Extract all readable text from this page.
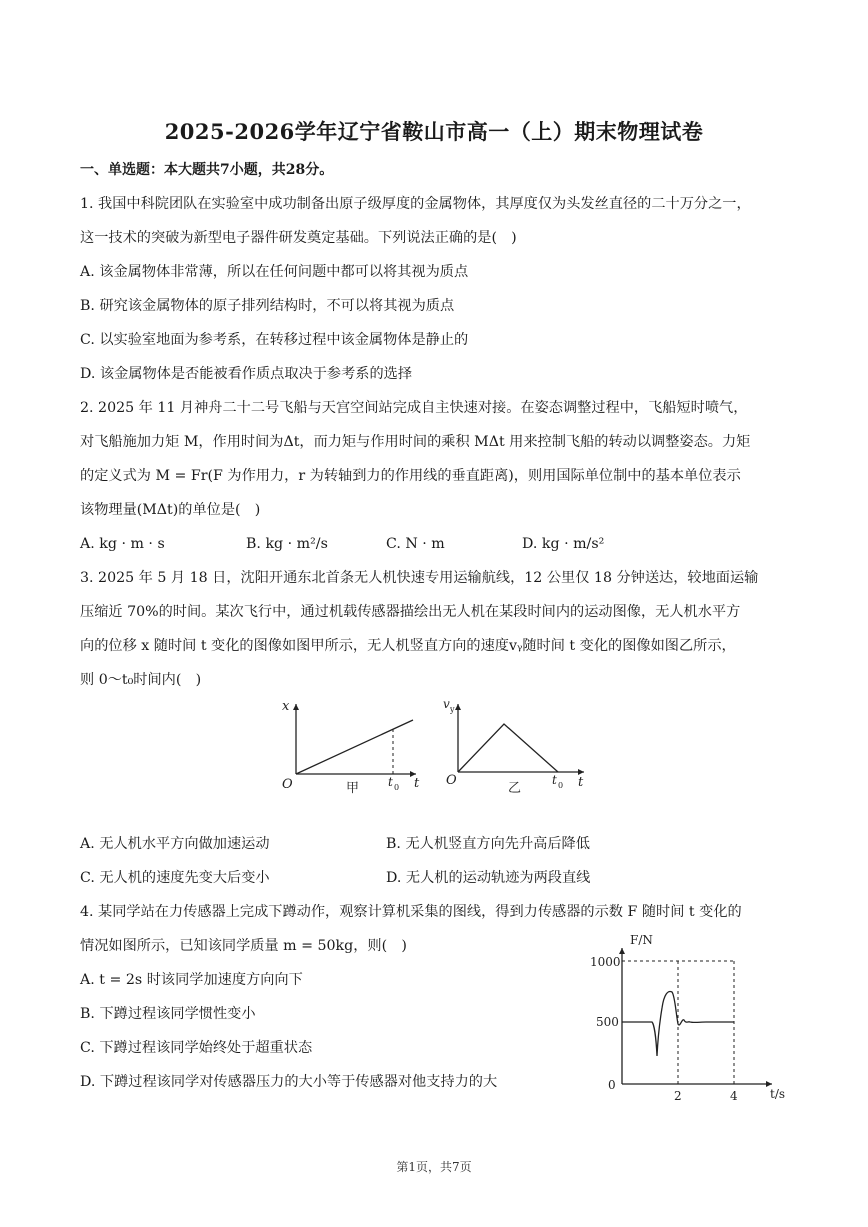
2025-2026学年辽宁省鞍山市高一（上）期末物理试卷
一、单选题：本大题共7小题，共28分。
1. 我国中科院团队在实验室中成功制备出原子级厚度的金属物体，其厚度仅为头发丝直径的二十万分之一，
这一技术的突破为新型电子器件研发奠定基础。下列说法正确的是(　)
A. 该金属物体非常薄，所以在任何问题中都可以将其视为质点
B. 研究该金属物体的原子排列结构时，不可以将其视为质点
C. 以实验室地面为参考系，在转移过程中该金属物体是静止的
D. 该金属物体是否能被看作质点取决于参考系的选择
2. 2025 年 11 月神舟二十二号飞船与天宫空间站完成自主快速对接。在姿态调整过程中，飞船短时喷气，
对飞船施加力矩 M，作用时间为Δt，而力矩与作用时间的乘积 MΔt 用来控制飞船的转动以调整姿态。力矩
的定义式为 M = Fr(F 为作用力，r 为转轴到力的作用线的垂直距离)，则用国际单位制中的基本单位表示
该物理量(MΔt)的单位是(　)
A. kg · m · s	B. kg · m²/s	C. N · m	D. kg · m/s²
3. 2025 年 5 月 18 日，沈阳开通东北首条无人机快速专用运输航线，12 公里仅 18 分钟送达，较地面运输
压缩近 70%的时间。某次飞行中，通过机载传感器描绘出无人机在某段时间内的运动图像，无人机水平方
向的位移 x 随时间 t 变化的图像如图甲所示，无人机竖直方向的速度vᵧ随时间 t 变化的图像如图乙所示，
则 0～t₀时间内(　)
x
O	t 0 t
甲
v y
O	t 0 t
乙
A. 无人机水平方向做加速运动	B. 无人机竖直方向先升高后降低
C. 无人机的速度先变大后变小	D. 无人机的运动轨迹为两段直线
4. 某同学站在力传感器上完成下蹲动作，观察计算机采集的图线，得到力传感器的示数 F 随时间 t 变化的
情况如图所示，已知该同学质量 m = 50kg，则(　)
A. t = 2s 时该同学加速度方向向下
B. 下蹲过程该同学惯性变小
C. 下蹲过程该同学始终处于超重状态
D. 下蹲过程该同学对传感器压力的大小等于传感器对他支持力的大
F/N
1000
500
0
2	4	t/s
第1页，共7页
